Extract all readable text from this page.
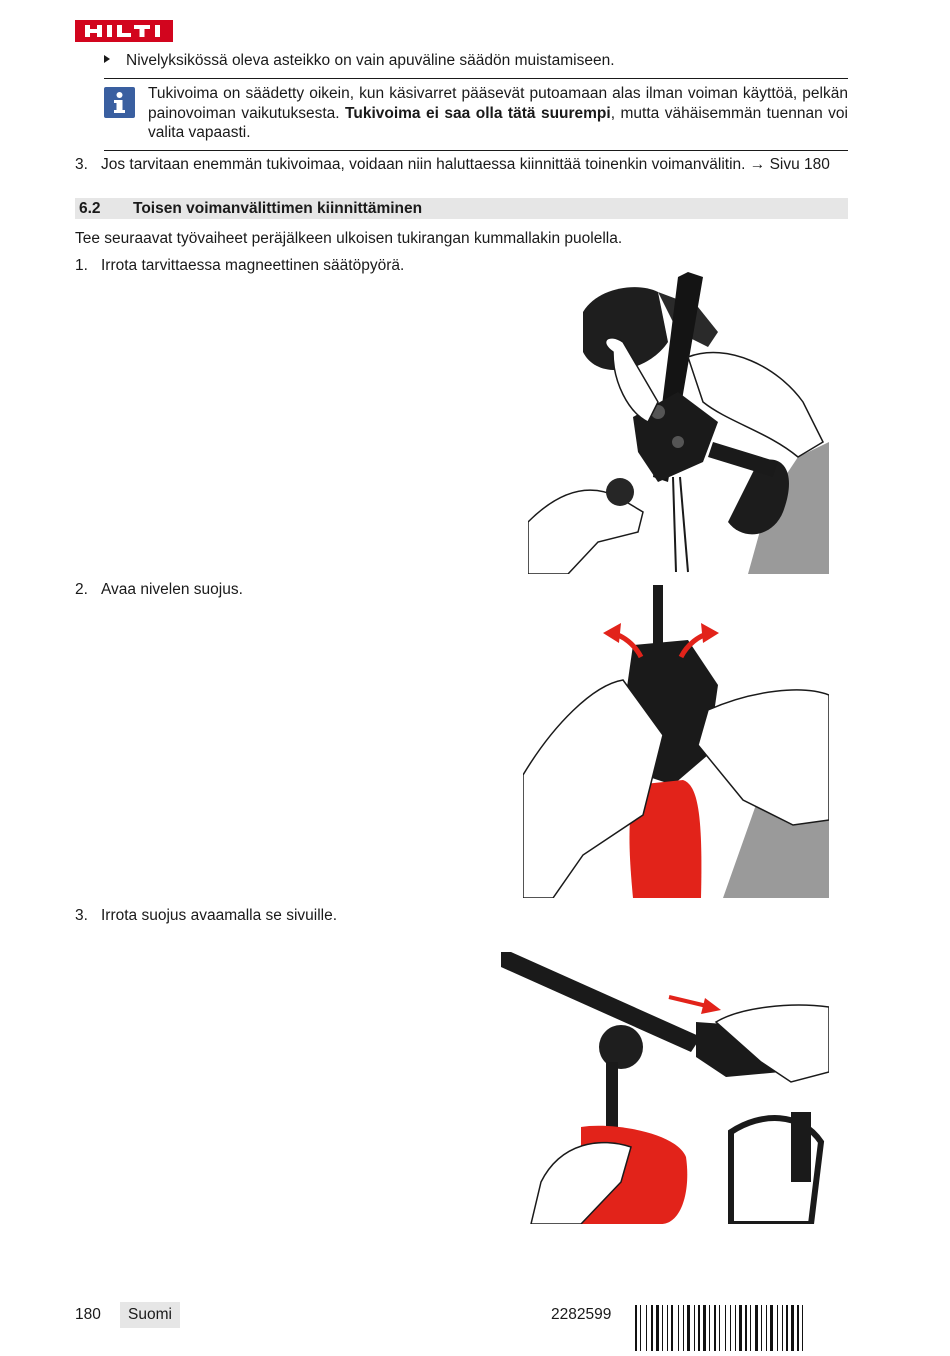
Nivelyksikössä oleva asteikko on vain apuväline säädön muistamiseen.
Tukivoima on säädetty oikein, kun käsivarret pääsevät putoamaan alas ilman voiman käyttöä, pelkän painovoiman vaikutuksesta. Tukivoima ei saa olla tätä suurempi, mutta vähäisemmän tuennan voi valita vapaasti.
3. Jos tarvitaan enemmän tukivoimaa, voidaan niin haluttaessa kiinnittää toinenkin voimanvälitin. → Sivu 180
6.2 Toisen voimanvälittimen kiinnittäminen
Tee seuraavat työvaiheet peräjälkeen ulkoisen tukirangan kummallakin puolella.
1. Irrota tarvittaessa magneettinen säätöpyörä.
2. Avaa nivelen suojus.
3. Irrota suojus avaamalla se sivuille.
180	Suomi	2282599
